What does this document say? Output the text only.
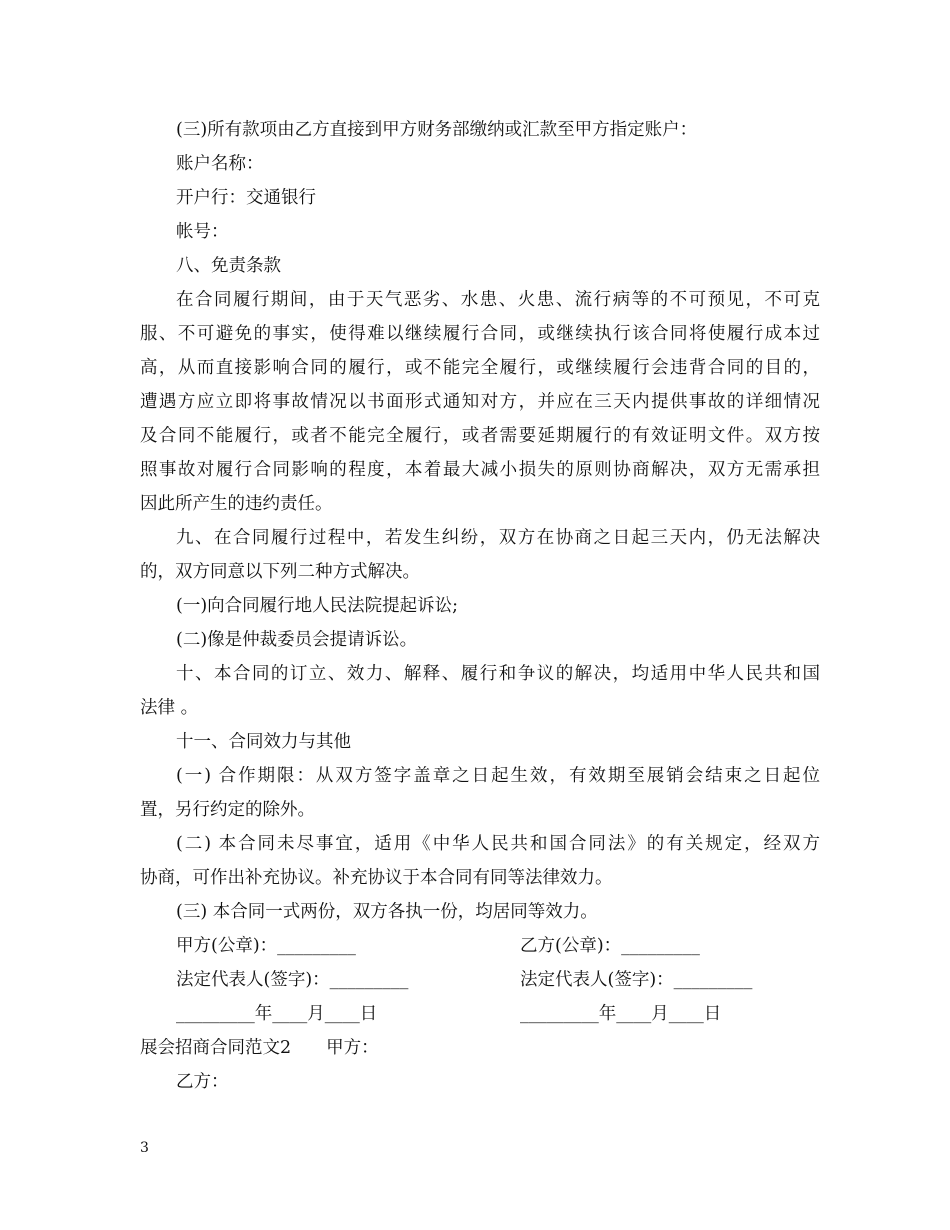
(三)所有款项由乙方直接到甲方财务部缴纳或汇款至甲方指定账户：
账户名称：
开户行：交通银行
帐号：
八、免责条款
在合同履行期间，由于天气恶劣、水患、火患、流行病等的不可预见，不可克
服、不可避免的事实，使得难以继续履行合同，或继续执行该合同将使履行成本过
高，从而直接影响合同的履行，或不能完全履行，或继续履行会违背合同的目的，
遭遇方应立即将事故情况以书面形式通知对方，并应在三天内提供事故的详细情况
及合同不能履行，或者不能完全履行，或者需要延期履行的有效证明文件。双方按
照事故对履行合同影响的程度，本着最大减小损失的原则协商解决，双方无需承担
因此所产生的违约责任。
九、在合同履行过程中，若发生纠纷，双方在协商之日起三天内，仍无法解决
的，双方同意以下列二种方式解决。
(一)向合同履行地人民法院提起诉讼;
(二)像是仲裁委员会提请诉讼。
十、本合同的订立、效力、解释、履行和争议的解决，均适用中华人民共和国
法律 。
十一、合同效力与其他
(一) 合作期限：从双方签字盖章之日起生效，有效期至展销会结束之日起位
置，另行约定的除外。
(二) 本合同未尽事宜，适用《中华人民共和国合同法》的有关规定，经双方
协商，可作出补充协议。补充协议于本合同有同等法律效力。
(三) 本合同一式两份，双方各执一份，均居同等效力。
甲方(公章)：_________	乙方(公章)：_________
法定代表人(签字)：_________	法定代表人(签字)：_________
_________年____月____日	_________年____月____日
展会招商合同范文2　　甲方：
乙方：
3
